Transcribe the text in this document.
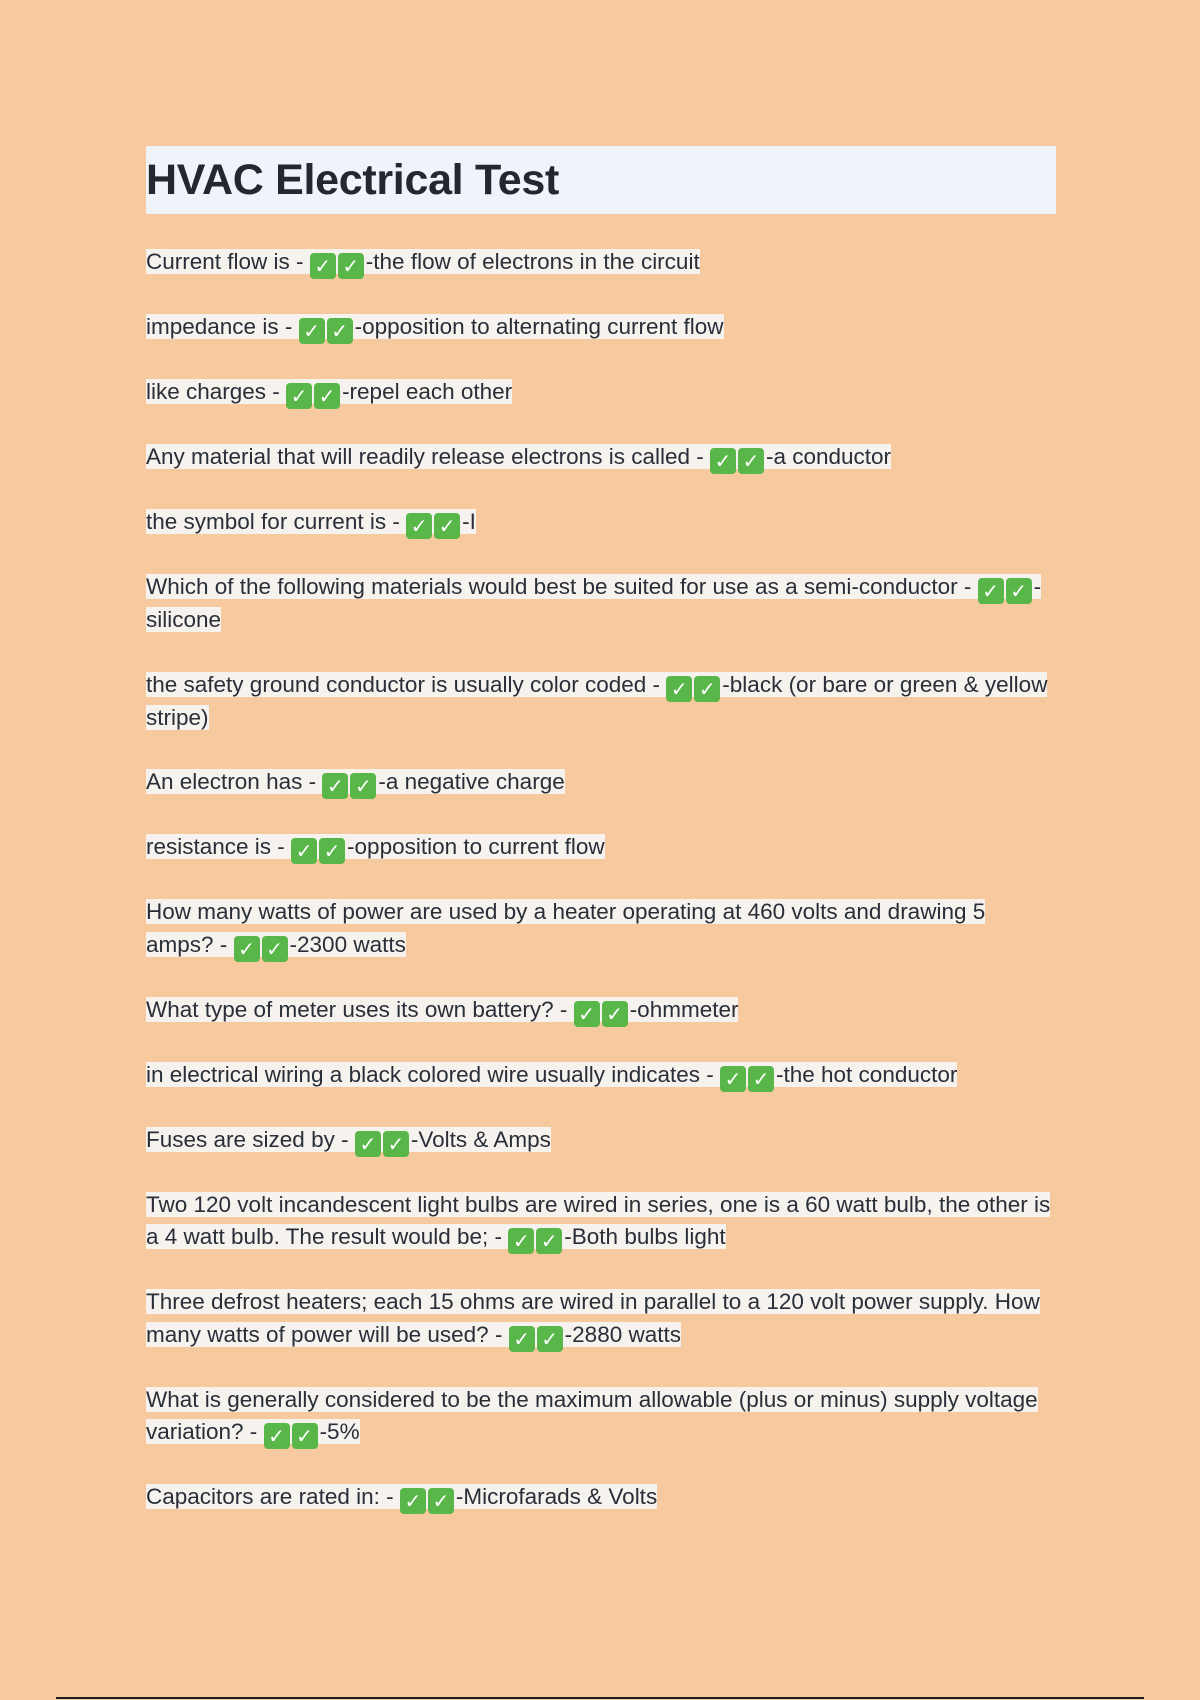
HVAC Electrical Test

Current flow is - ✓ ✓ -the flow of electrons in the circuit

impedance is - ✓ ✓ -opposition to alternating current flow

like charges - ✓ ✓ -repel each other

Any material that will readily release electrons is called - ✓ ✓ -a conductor

the symbol for current is - ✓ ✓ -I

Which of the following materials would best be suited for use as a semi-conductor - ✓ ✓ -silicone

the safety ground conductor is usually color coded - ✓ ✓ -black (or bare or green & yellow stripe)

An electron has - ✓ ✓ -a negative charge

resistance is - ✓ ✓ -opposition to current flow

How many watts of power are used by a heater operating at 460 volts and drawing 5 amps? - ✓ ✓ -2300 watts

What type of meter uses its own battery? - ✓ ✓ -ohmmeter

in electrical wiring a black colored wire usually indicates - ✓ ✓ -the hot conductor

Fuses are sized by - ✓ ✓ -Volts & Amps

Two 120 volt incandescent light bulbs are wired in series, one is a 60 watt bulb, the other is a 4 watt bulb. The result would be; - ✓ ✓ -Both bulbs light

Three defrost heaters; each 15 ohms are wired in parallel to a 120 volt power supply. How many watts of power will be used? - ✓ ✓ -2880 watts

What is generally considered to be the maximum allowable (plus or minus) supply voltage variation? - ✓ ✓ -5%

Capacitors are rated in: - ✓ ✓ -Microfarads & Volts
